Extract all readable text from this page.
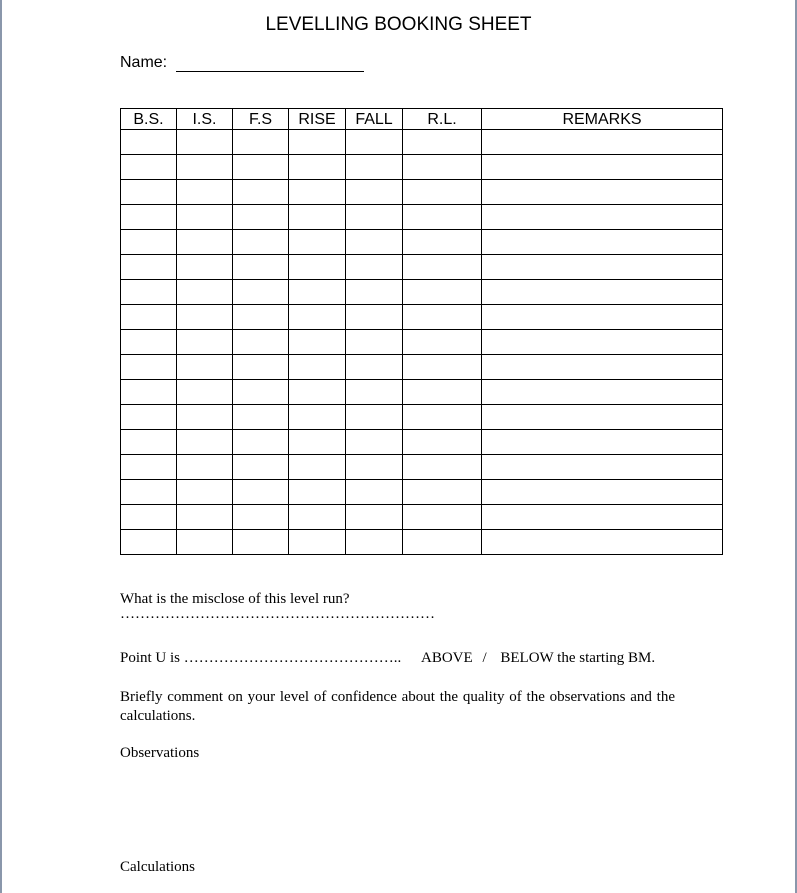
LEVELLING BOOKING SHEET
Name:
B.S.	I.S.	F.S	RISE	FALL	R.L.	REMARKS

What is the misclose of this level run?
………………………………………………………
Point U is …………………………………….. ABOVE / BELOW the starting BM.
Briefly comment on your level of confidence about the quality of the observations and the calculations.
Observations
Calculations
